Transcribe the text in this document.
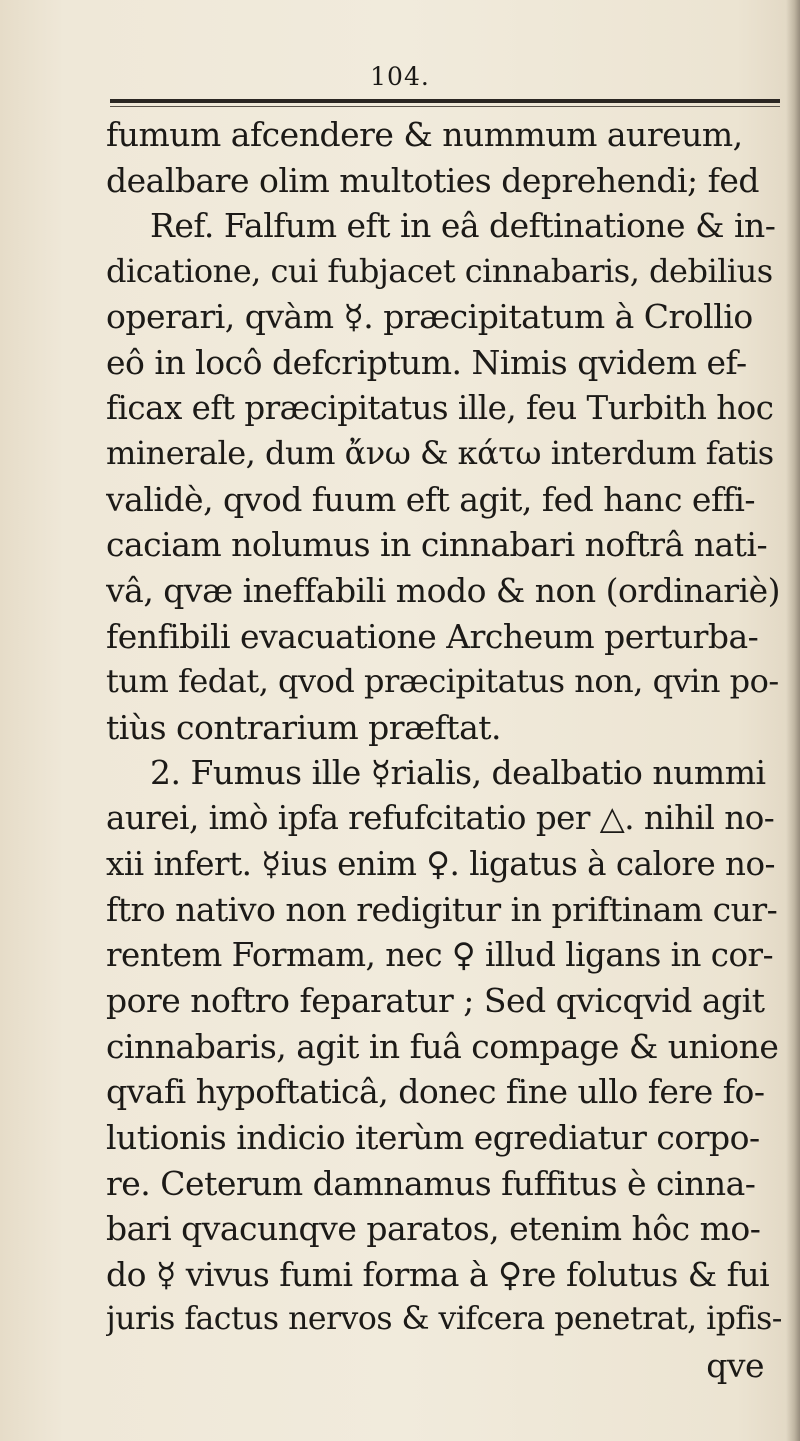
104.
fumum afcendere & nummum aureum,
dealbare olim multoties deprehendi; fed
Ref. Falfum eft in eâ deftinatione & in-
dicatione, cui fubjacet cinnabaris, debilius
operari, qvàm ☿. præcipitatum à Crollio
eô in locô defcriptum. Nimis qvidem ef-
ficax eft præcipitatus ille, feu Turbith hoc
minerale, dum ἄνω & κάτω interdum fatis
validè, qvod fuum eft agit, fed hanc effi-
caciam nolumus in cinnabari noftrâ nati-
vâ, qvæ ineffabili modo & non (ordinariè)
fenfibili evacuatione Archeum perturba-
tum fedat, qvod præcipitatus non, qvin po-
tiùs contrarium præftat.
2. Fumus ille ☿rialis, dealbatio nummi
aurei, imò ipfa refufcitatio per △. nihil no-
xii infert. ☿ius enim ♀. ligatus à calore no-
ftro nativo non redigitur in priftinam cur-
rentem Formam, nec ♀ illud ligans in cor-
pore noftro feparatur ; Sed qvicqvid agit
cinnabaris, agit in fuâ compage & unione
qvafi hypoftaticâ, donec fine ullo fere fo-
lutionis indicio iterùm egrediatur corpo-
re. Ceterum damnamus fuffitus è cinna-
bari qvacunqve paratos, etenim hôc mo-
do ☿ vivus fumi forma à ♀re folutus & fui
juris factus nervos & vifcera penetrat, ipfis-
qve
